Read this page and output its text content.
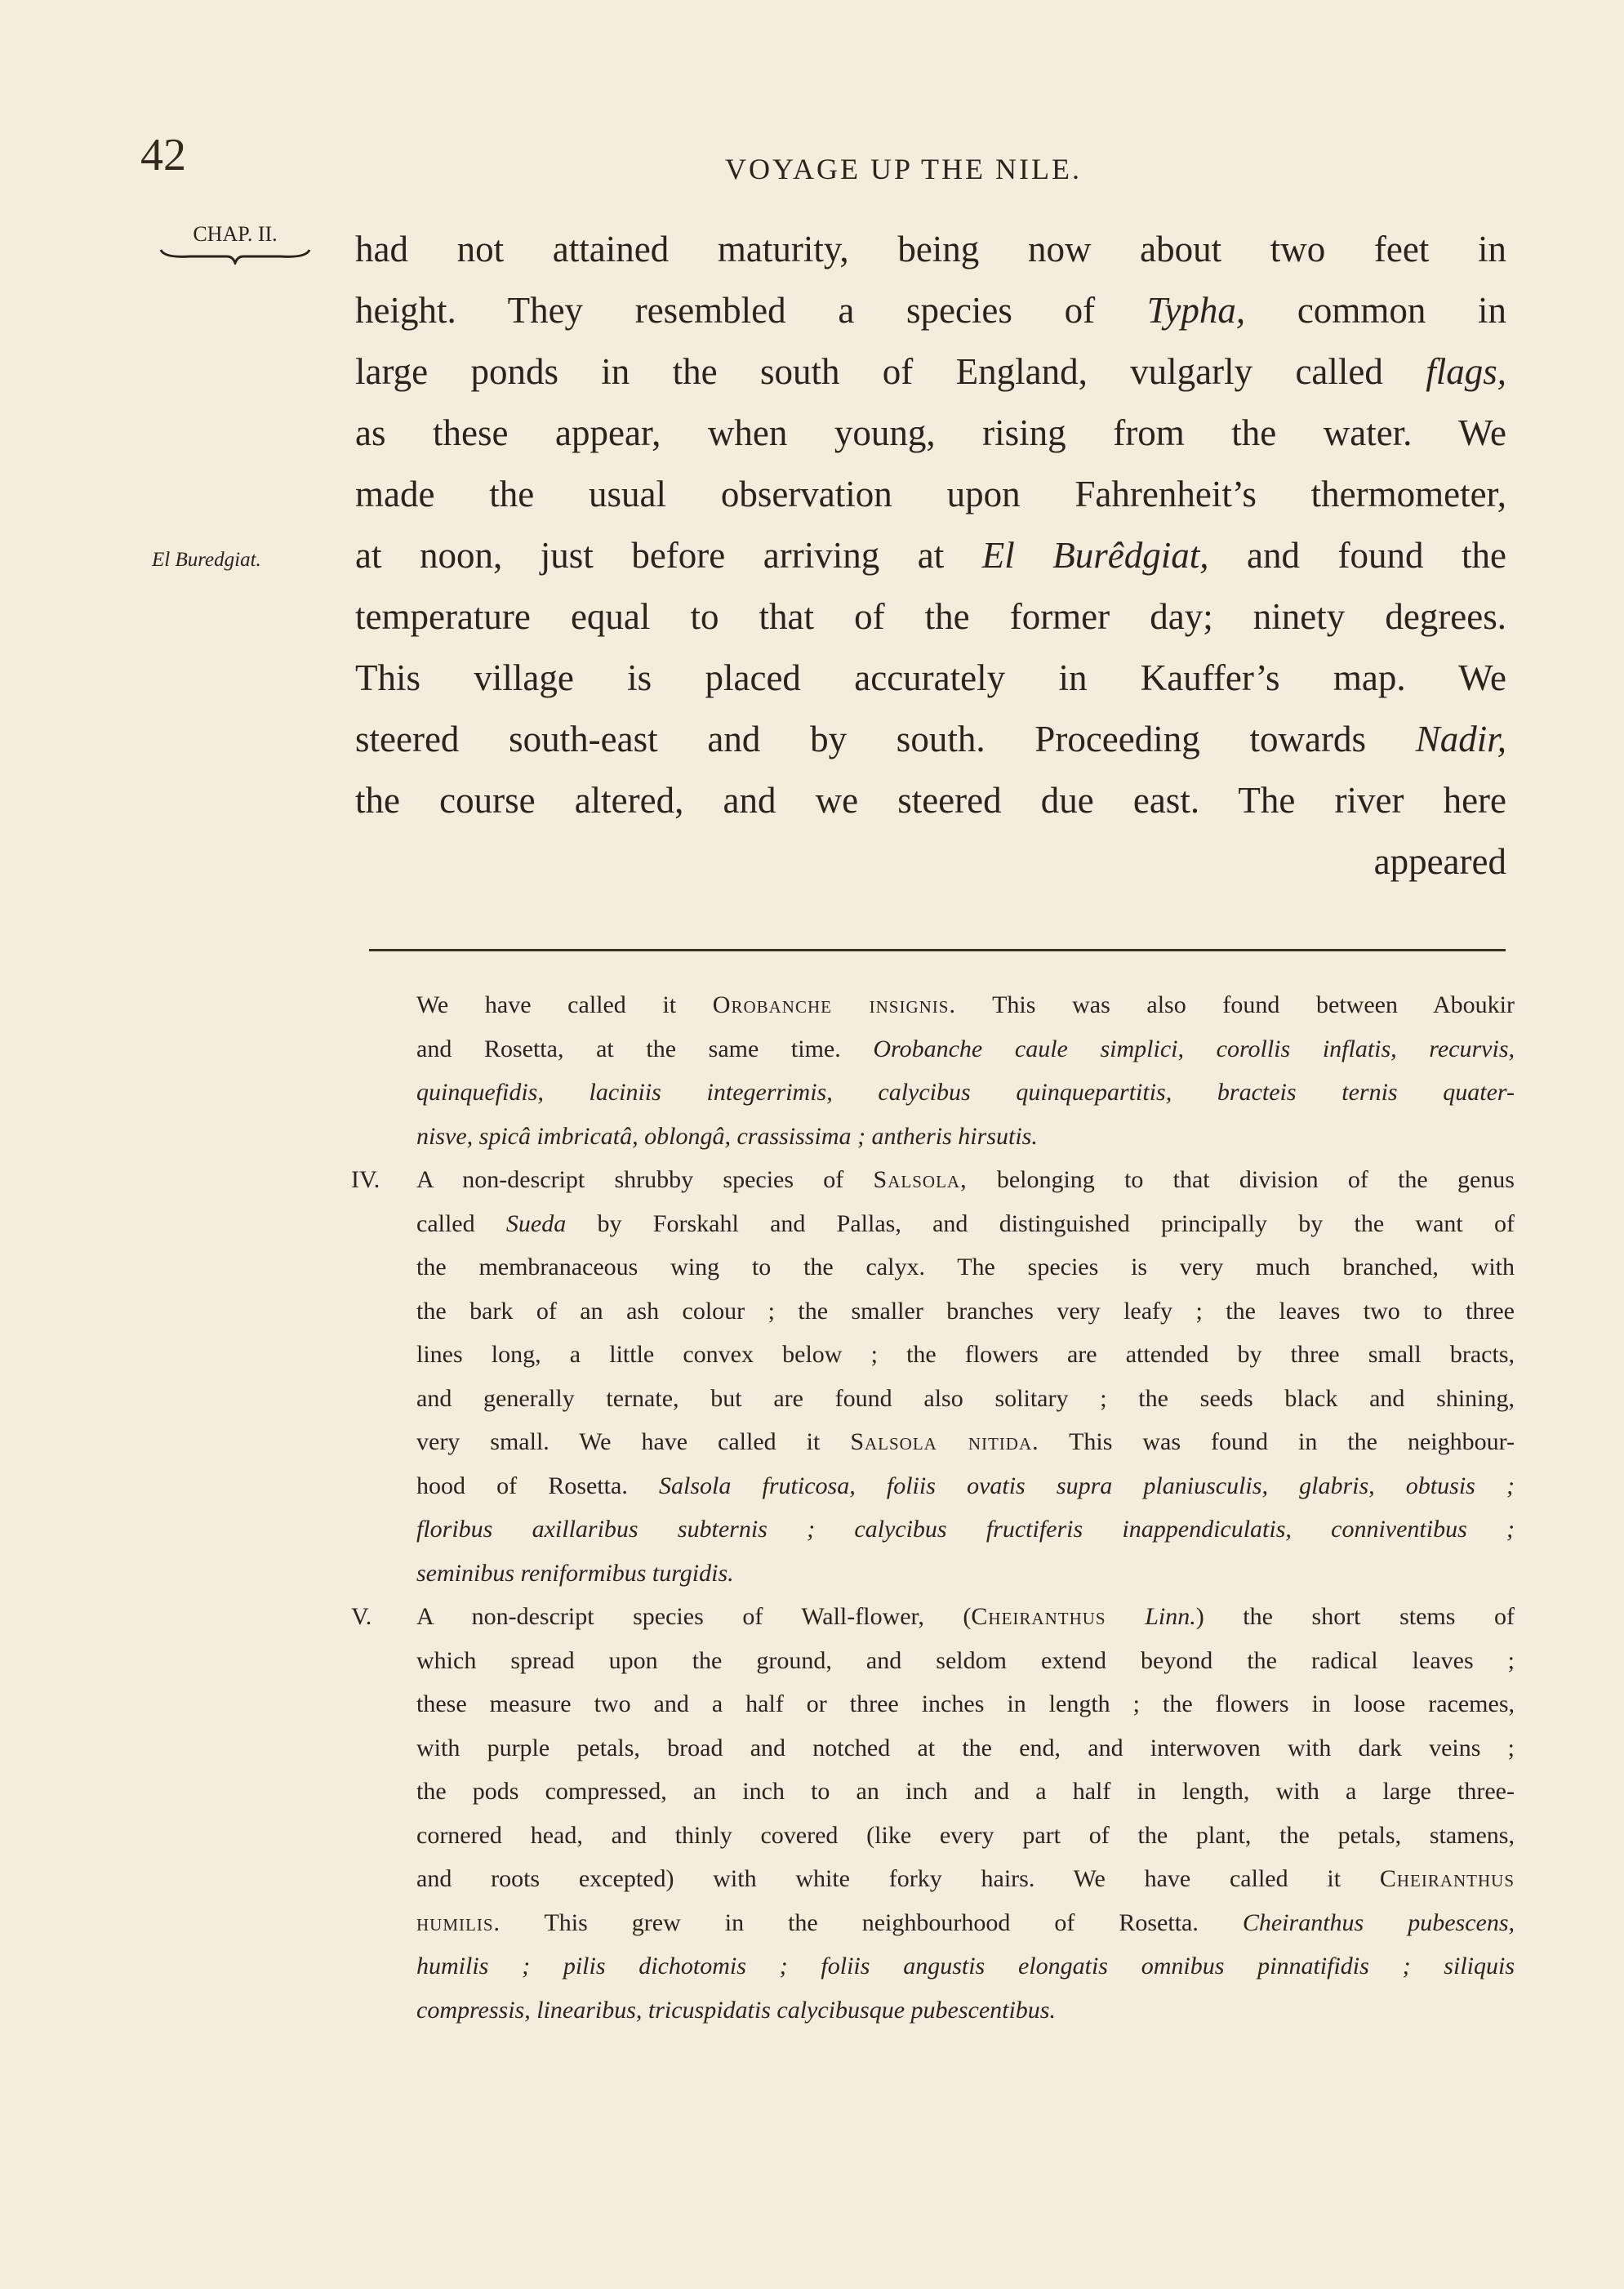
42	VOYAGE UP THE NILE.
CHAP. II.
El Buredgiat.
had not attained maturity, being now about two feet in
height. They resembled a species of Typha, common in
large ponds in the south of England, vulgarly called flags,
as these appear, when young, rising from the water. We
made the usual observation upon Fahrenheit’s thermometer,
at noon, just before arriving at El Burêdgiat, and found the
temperature equal to that of the former day; ninety degrees.
This village is placed accurately in Kauffer’s map. We
steered south-east and by south. Proceeding towards Nadir,
the course altered, and we steered due east. The river here
appeared
We have called it Orobanche insignis. This was also found between Aboukir
and Rosetta, at the same time. Orobanche caule simplici, corollis inflatis, recurvis,
quinquefidis, laciniis integerrimis, calycibus quinquepartitis, bracteis ternis quater-
nisve, spicâ imbricatâ, oblongâ, crassissima ; antheris hirsutis.
IV. A non-descript shrubby species of Salsola, belonging to that division of the genus
called Sueda by Forskahl and Pallas, and distinguished principally by the want of
the membranaceous wing to the calyx. The species is very much branched, with
the bark of an ash colour ; the smaller branches very leafy ; the leaves two to three
lines long, a little convex below ; the flowers are attended by three small bracts,
and generally ternate, but are found also solitary ; the seeds black and shining,
very small. We have called it Salsola nitida. This was found in the neighbour-
hood of Rosetta. Salsola fruticosa, foliis ovatis supra planiusculis, glabris, obtusis ;
floribus axillaribus subternis ; calycibus fructiferis inappendiculatis, conniventibus ;
seminibus reniformibus turgidis.
V. A non-descript species of Wall-flower, (Cheiranthus Linn.) the short stems of
which spread upon the ground, and seldom extend beyond the radical leaves ;
these measure two and a half or three inches in length ; the flowers in loose racemes,
with purple petals, broad and notched at the end, and interwoven with dark veins ;
the pods compressed, an inch to an inch and a half in length, with a large three-
cornered head, and thinly covered (like every part of the plant, the petals, stamens,
and roots excepted) with white forky hairs. We have called it Cheiranthus
humilis. This grew in the neighbourhood of Rosetta. Cheiranthus pubescens,
humilis ; pilis dichotomis ; foliis angustis elongatis omnibus pinnatifidis ; siliquis
compressis, linearibus, tricuspidatis calycibusque pubescentibus.
